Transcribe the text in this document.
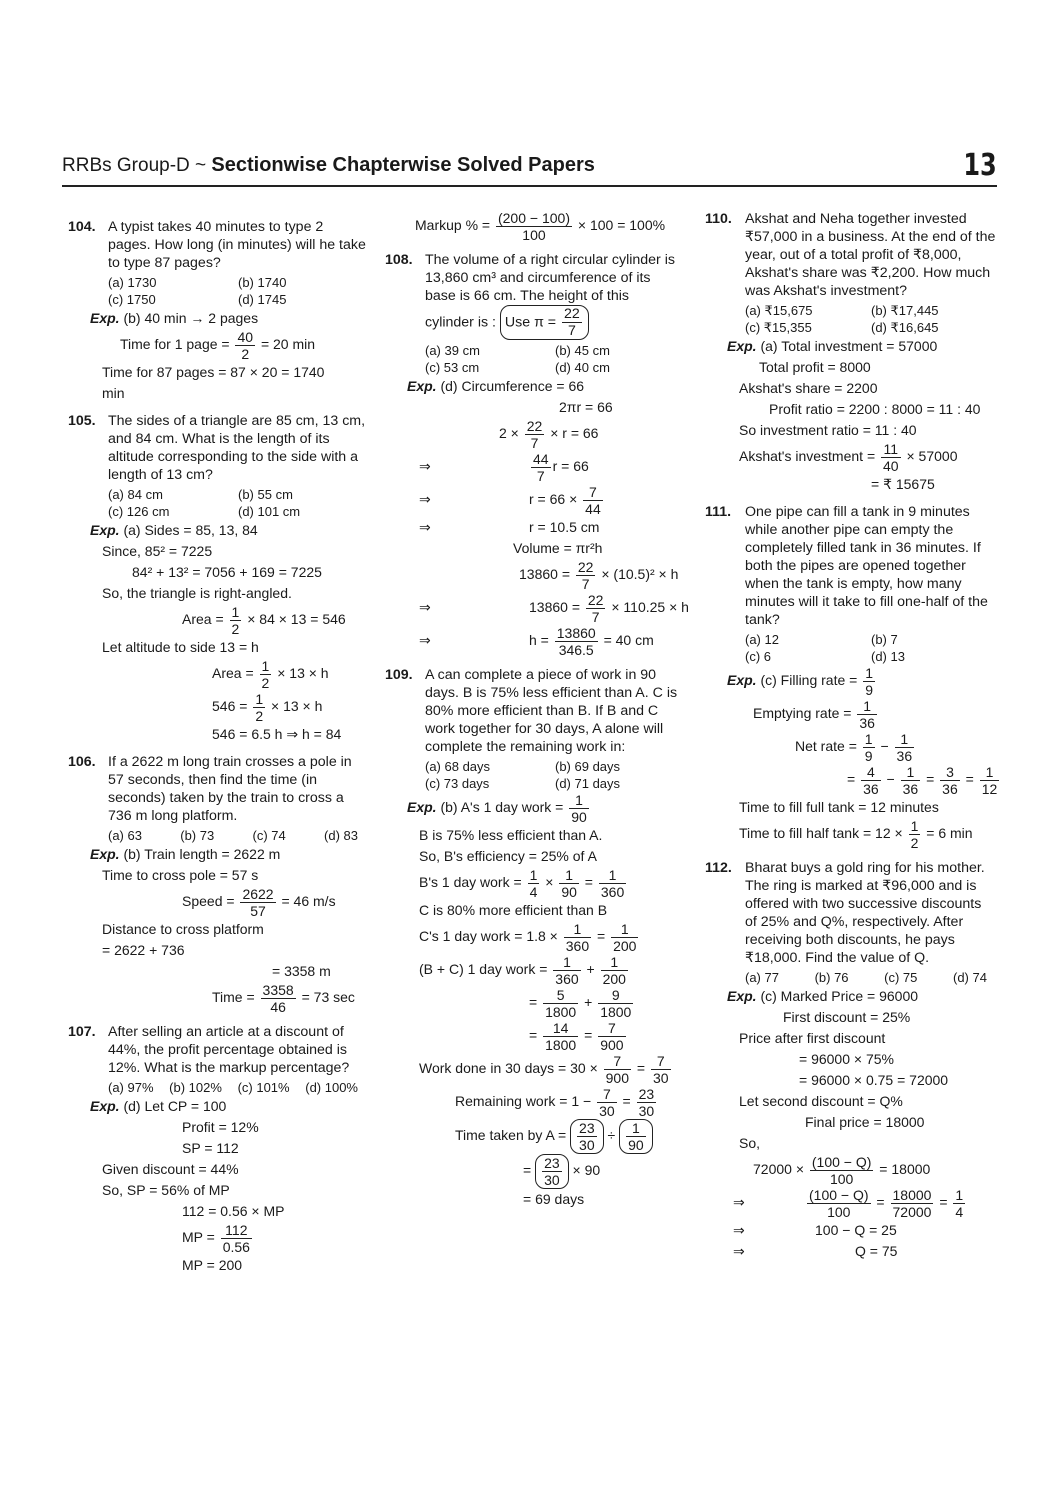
RRBs Group-D ~ Sectionwise Chapterwise Solved Papers	13
104. A typist takes 40 minutes to type 2 pages. How long (in minutes) will he take to type 87 pages?
(a) 1730	(b) 1740
(c) 1750	(d) 1745
Exp. (b) 40 min → 2 pages
Time for 1 page = $\frac{40}{2} = 20$ min
Time for 87 pages = 87 × 20 = 1740
min
105. The sides of a triangle are 85 cm, 13 cm, and 84 cm. What is the length of its altitude corresponding to the side with a length of 13 cm?
(a) 84 cm	(b) 55 cm
(c) 126 cm	(d) 101 cm
Exp. (a) Sides = 85, 13, 84
Since, 85² = 7225
84² + 13² = 7056 + 169 = 7225
So, the triangle is right-angled.
Area = $\frac{1}{2} \times 84 \times 13 = 546$
Let altitude to side 13 = h
Area = $\frac{1}{2} \times 13 \times h$
$546 = \frac{1}{2} \times 13 \times h$
546 = 6.5 h ⇒ h = 84
106. If a 2622 m long train crosses a pole in 57 seconds, then find the time (in seconds) taken by the train to cross a 736 m long platform.
(a) 63	(b) 73	(c) 74	(d) 83
Exp. (b) Train length = 2622 m
Time to cross pole = 57 s
Speed = $\frac{2622}{57} = 46$ m/s
Distance to cross platform
= 2622 + 736
= 3358 m
Time = $\frac{3358}{46} = 73$ sec
107. After selling an article at a discount of 44%, the profit percentage obtained is 12%. What is the markup percentage?
(a) 97% (b) 102% (c) 101% (d) 100%
Exp. (d) Let CP = 100
Profit = 12%
SP = 112
Given discount = 44%
So, SP = 56% of MP
112 = 0.56 × MP
MP = $\frac{112}{0.56}$
MP = 200
Markup % = $\frac{(200 - 100)}{100} \times 100 = 100\%$
108. The volume of a right circular cylinder is 13,860 cm³ and circumference of its base is 66 cm. The height of this
cylinder is : Use $\pi = \frac{22}{7}$
(a) 39 cm	(b) 45 cm
(c) 53 cm	(d) 40 cm
Exp. (d) Circumference = 66
2πr = 66
$2 \times \frac{22}{7} \times r = 66$
⇒	$\frac{44}{7}$ r = 66
⇒	$r = 66 \times \frac{7}{44}$
⇒	r = 10.5 cm
Volume = πr²h
$13860 = \frac{22}{7} \times (10.5)^2 \times h$
⇒	$13860 = \frac{22}{7} \times 110.25 \times h$
⇒	$h = \frac{13860}{346.5} = 40$ cm
109. A can complete a piece of work in 90 days. B is 75% less efficient than A. C is 80% more efficient than B. If B and C work together for 30 days, A alone will complete the remaining work in:
(a) 68 days	(b) 69 days
(c) 73 days	(d) 71 days
Exp. (b) A's 1 day work = $\frac{1}{90}$
B is 75% less efficient than A.
So, B's efficiency = 25% of A
B's 1 day work = $\frac{1}{4} \times \frac{1}{90} = \frac{1}{360}$
C is 80% more efficient than B
C's 1 day work = $1.8 \times \frac{1}{360} = \frac{1}{200}$
(B + C) 1 day work = $\frac{1}{360} + \frac{1}{200}$
= $\frac{5}{1800} + \frac{9}{1800}$
= $\frac{14}{1800} = \frac{7}{900}$
Work done in 30 days = $30 \times \frac{7}{900} = \frac{7}{30}$
Remaining work = $1 - \frac{7}{30} = \frac{23}{30}$
Time taken by $A = \frac{23}{30} \div \frac{1}{90}$
= $\frac{23}{30} \times 90$
= 69 days
110. Akshat and Neha together invested ₹57,000 in a business. At the end of the year, out of a total profit of ₹8,000, Akshat's share was ₹2,200. How much was Akshat's investment?
(a) ₹15,675	(b) ₹17,445
(c) ₹15,355	(d) ₹16,645
Exp. (a) Total investment = 57000
Total profit = 8000
Akshat's share = 2200
Profit ratio = 2200 : 8000 = 11 : 40
So investment ratio = 11 : 40
Akshat's investment = $\frac{11}{40} \times 57000$
= ₹ 15675
111. One pipe can fill a tank in 9 minutes while another pipe can empty the completely filled tank in 36 minutes. If both the pipes are opened together when the tank is empty, how many minutes will it take to fill one-half of the tank?
(a) 12	(b) 7
(c) 6	(d) 13
Exp. (c) Filling rate = $\frac{1}{9}$
Emptying rate = $\frac{1}{36}$
Net rate = $\frac{1}{9} - \frac{1}{36}$
= $\frac{4}{36} - \frac{1}{36} = \frac{3}{36} = \frac{1}{12}$
Time to fill full tank = 12 minutes
Time to fill half $\tan k = 12 \times \frac{1}{2} = 6$ min
112. Bharat buys a gold ring for his mother. The ring is marked at ₹96,000 and is offered with two successive discounts of 25% and Q%, respectively. After receiving both discounts, he pays ₹18,000. Find the value of Q.
(a) 77	(b) 76	(c) 75	(d) 74
Exp. (c) Marked Price = 96000
First discount = 25%
Price after first discount
= 96000 × 75%
= 96000 × 0.75 = 72000
Let second discount = Q%
Final price = 18000
So,
$72000 \times \frac{(100 - Q)}{100} = 18000$
⇒	$\frac{(100 - Q)}{100} = \frac{18000}{72000} = \frac{1}{4}$
⇒	100 − Q = 25
⇒	Q = 75
